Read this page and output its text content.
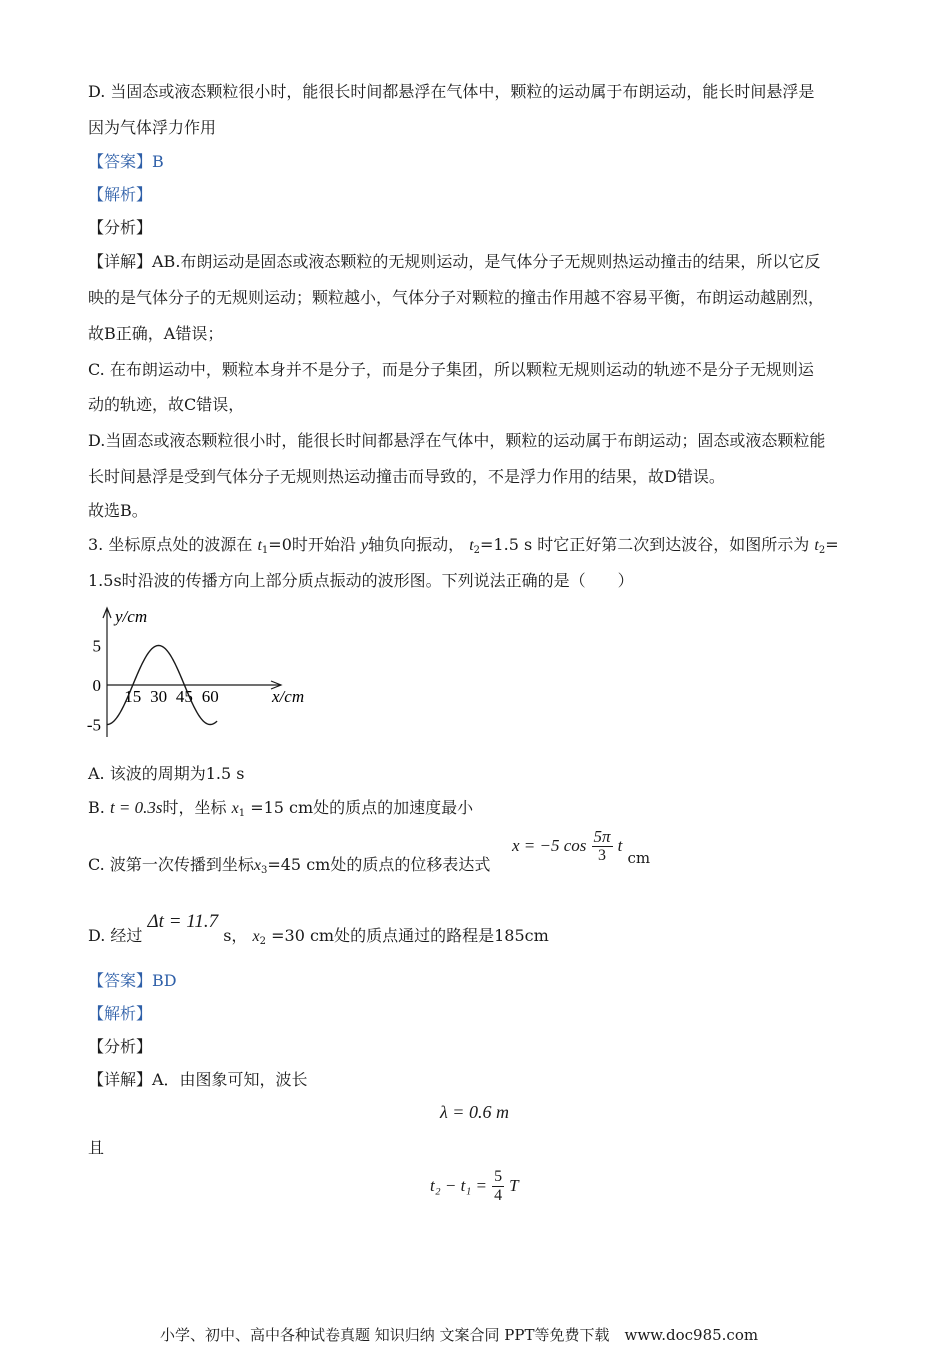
D. 当固态或液态颗粒很小时，能很长时间都悬浮在气体中，颗粒的运动属于布朗运动，能长时间悬浮是
因为气体浮力作用
【答案】B
【解析】
【分析】
【详解】AB.布朗运动是固态或液态颗粒的无规则运动，是气体分子无规则热运动撞击的结果，所以它反
映的是气体分子的无规则运动；颗粒越小，气体分子对颗粒的撞击作用越不容易平衡，布朗运动越剧烈，
故B正确，A错误；
C. 在布朗运动中，颗粒本身并不是分子，而是分子集团，所以颗粒无规则运动的轨迹不是分子无规则运
动的轨迹，故C错误，
D.当固态或液态颗粒很小时，能很长时间都悬浮在气体中，颗粒的运动属于布朗运动；固态或液态颗粒能
长时间悬浮是受到气体分子无规则热运动撞击而导致的，不是浮力作用的结果，故D错误。
故选B。
3. 坐标原点处的波源在 $t_1=0$时开始沿 y轴负向振动， $t_2=1.5$ s 时它正好第二次到达波谷，如图所示为 $t_2=$
1.5s时沿波的传播方向上部分质点振动的波形图。下列说法正确的是（　　）
15 30 45 60
5
0
-5
y/cm
x/cm
A. 该波的周期为1.5 s
B. t = 0.3s时，坐标 $x_1 =15$ cm处的质点的加速度最小
C. 波第一次传播到坐标$x_3=45$ cm处的质点的位移表达式
x = −5 $\cos \frac{5\pi}{3}$ t cm
D. 经过 Δt = 11.7 s， $x_2 =30$ cm处的质点通过的路程是185cm
【答案】BD
【解析】
【分析】
【详解】A．由图象可知，波长
λ = 0.6 m
且
$t_2 - t_1 = \frac{5}{4}$ T
小学、初中、高中各种试卷真题 知识归纳 文案合同 PPT等免费下载　www.doc985.com
